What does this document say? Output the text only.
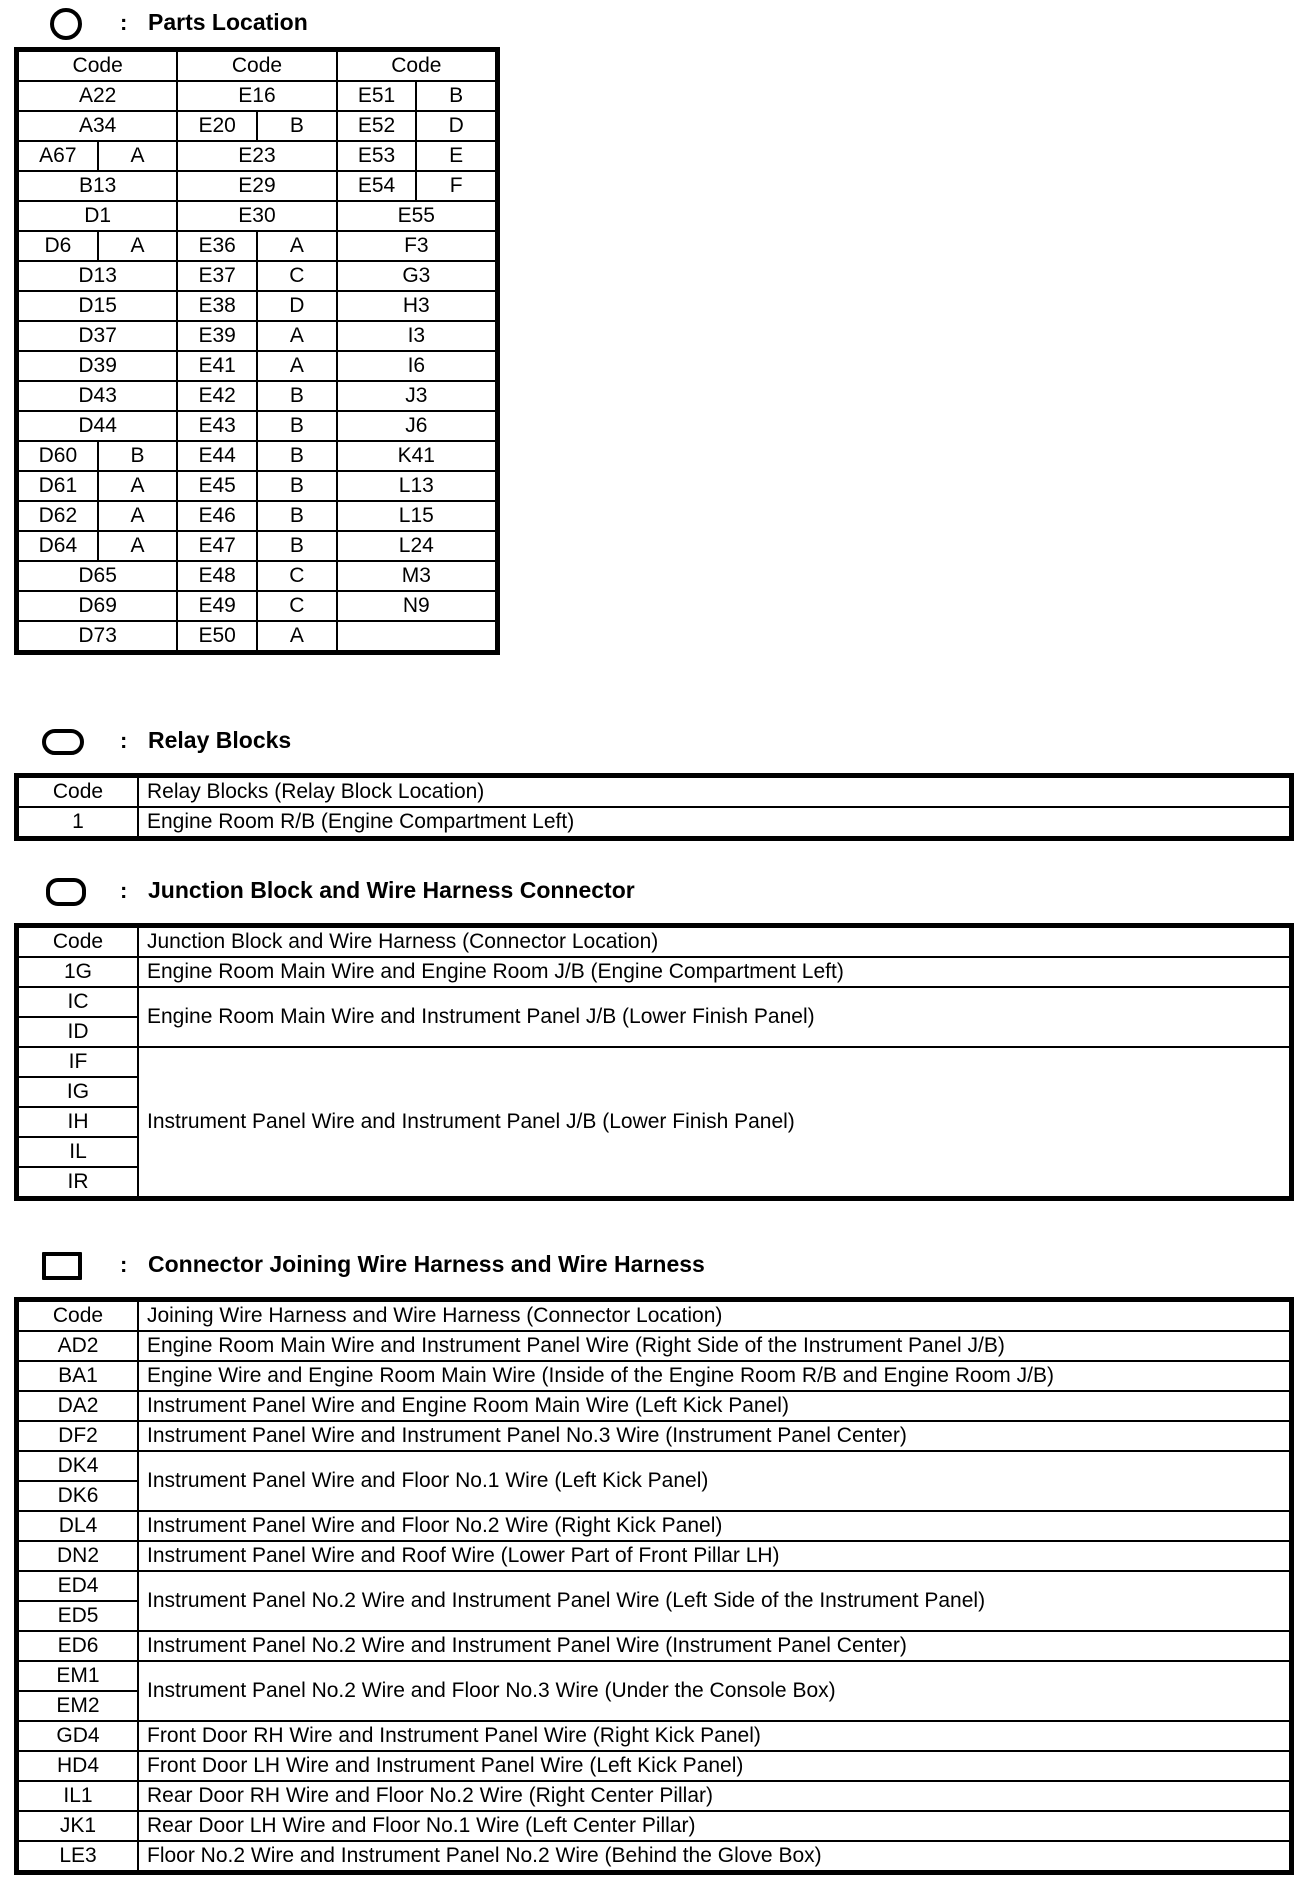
: Parts Location
Code		Code		Code	
A22		E16		E51	B
A34		E20	B	E52	D
A67	A	E23		E53	E
B13		E29		E54	F
D1		E30		E55	
D6	A	E36	A	F3	
D13		E37	C	G3	
D15		E38	D	H3	
D37		E39	A	I3	
D39		E41	A	I6	
D43		E42	B	J3	
D44		E43	B	J6	
D60	B	E44	B	K41	
D61	A	E45	B	L13	
D62	A	E46	B	L15	
D64	A	E47	B	L24	
D65		E48	C	M3	
D69		E49	C	N9	
D73		E50	A		
: Relay Blocks
Code	Relay Blocks (Relay Block Location)
1	Engine Room R/B (Engine Compartment Left)
: Junction Block and Wire Harness Connector
Code	Junction Block and Wire Harness (Connector Location)
1G	Engine Room Main Wire and Engine Room J/B (Engine Compartment Left)
IC	Engine Room Main Wire and Instrument Panel J/B (Lower Finish Panel)
ID	
IF	Instrument Panel Wire and Instrument Panel J/B (Lower Finish Panel)
IG	
IH	
IL	
IR	
: Connector Joining Wire Harness and Wire Harness
Code	Joining Wire Harness and Wire Harness (Connector Location)
AD2	Engine Room Main Wire and Instrument Panel Wire (Right Side of the Instrument Panel J/B)
BA1	Engine Wire and Engine Room Main Wire (Inside of the Engine Room R/B and Engine Room J/B)
DA2	Instrument Panel Wire and Engine Room Main Wire (Left Kick Panel)
DF2	Instrument Panel Wire and Instrument Panel No.3 Wire (Instrument Panel Center)
DK4	Instrument Panel Wire and Floor No.1 Wire (Left Kick Panel)
DK6	
DL4	Instrument Panel Wire and Floor No.2 Wire (Right Kick Panel)
DN2	Instrument Panel Wire and Roof Wire (Lower Part of Front Pillar LH)
ED4	Instrument Panel No.2 Wire and Instrument Panel Wire (Left Side of the Instrument Panel)
ED5	
ED6	Instrument Panel No.2 Wire and Instrument Panel Wire (Instrument Panel Center)
EM1	Instrument Panel No.2 Wire and Floor No.3 Wire (Under the Console Box)
EM2	
GD4	Front Door RH Wire and Instrument Panel Wire (Right Kick Panel)
HD4	Front Door LH Wire and Instrument Panel Wire (Left Kick Panel)
IL1	Rear Door RH Wire and Floor No.2 Wire (Right Center Pillar)
JK1	Rear Door LH Wire and Floor No.1 Wire (Left Center Pillar)
LE3	Floor No.2 Wire and Instrument Panel No.2 Wire (Behind the Glove Box)
